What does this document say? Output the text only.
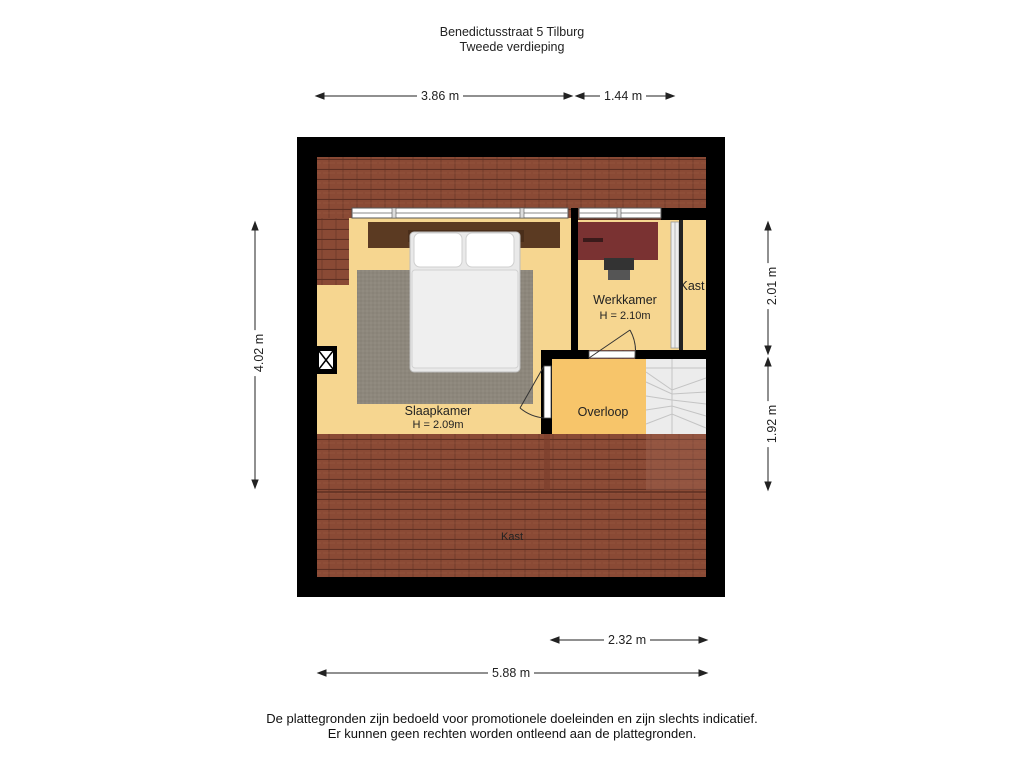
Benedictusstraat 5 Tilburg
Tweede verdieping
3.86 m	1.44 m
4.02 m
2.01 m
1.92 m
2.32 m
5.88 m
Slaapkamer
H = 2.09m
Werkkamer
H = 2.10m
Kast
Overloop
Kast
De plattegronden zijn bedoeld voor promotionele doeleinden en zijn slechts indicatief.
Er kunnen geen rechten worden ontleend aan de plattegronden.
